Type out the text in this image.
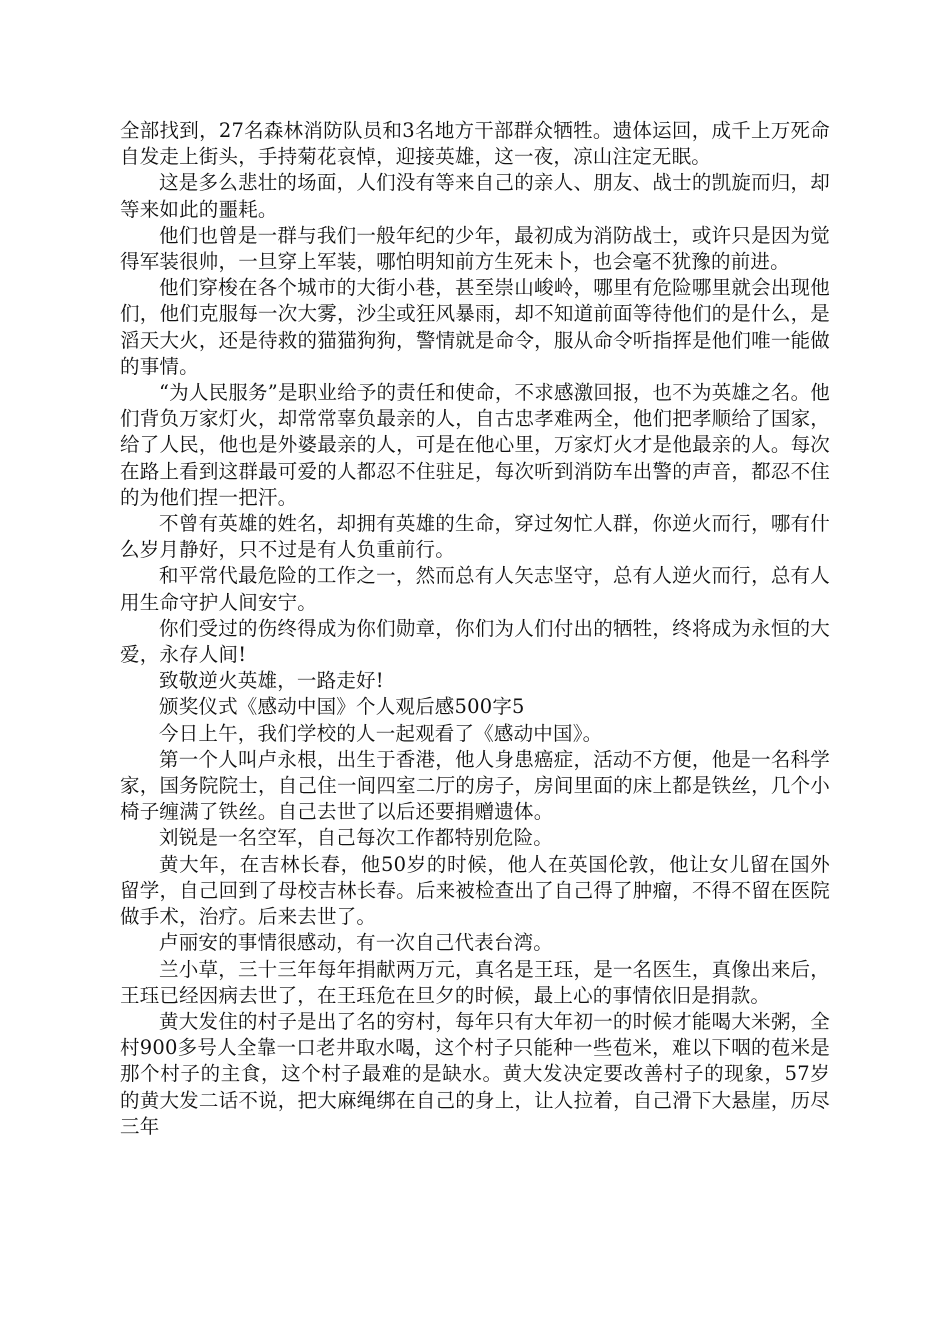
全部找到，27名森林消防队员和3名地方干部群众牺牲。遗体运回，成千上万死命自发走上街头，手持菊花哀悼，迎接英雄，这一夜，凉山注定无眠。

这是多么悲壮的场面，人们没有等来自己的亲人、朋友、战士的凯旋而归，却等来如此的噩耗。

他们也曾是一群与我们一般年纪的少年，最初成为消防战士，或许只是因为觉得军装很帅，一旦穿上军装，哪怕明知前方生死未卜，也会毫不犹豫的前进。

他们穿梭在各个城市的大街小巷，甚至崇山峻岭，哪里有危险哪里就会出现他们，他们克服每一次大雾，沙尘或狂风暴雨，却不知道前面等待他们的是什么，是滔天大火，还是待救的猫猫狗狗，警情就是命令，服从命令听指挥是他们唯一能做的事情。

“为人民服务”是职业给予的责任和使命，不求感激回报，也不为英雄之名。他们背负万家灯火，却常常辜负最亲的人，自古忠孝难两全，他们把孝顺给了国家，给了人民，他也是外婆最亲的人，可是在他心里，万家灯火才是他最亲的人。每次在路上看到这群最可爱的人都忍不住驻足，每次听到消防车出警的声音，都忍不住的为他们捏一把汗。

不曾有英雄的姓名，却拥有英雄的生命，穿过匆忙人群，你逆火而行，哪有什么岁月静好，只不过是有人负重前行。

和平常代最危险的工作之一，然而总有人矢志坚守，总有人逆火而行，总有人用生命守护人间安宁。

你们受过的伤终得成为你们勋章，你们为人们付出的牺牲，终将成为永恒的大爱，永存人间!

致敬逆火英雄，一路走好!

颁奖仪式《感动中国》个人观后感500字5

今日上午，我们学校的人一起观看了《感动中国》。

第一个人叫卢永根，出生于香港，他人身患癌症，活动不方便，他是一名科学家，国务院院士，自己住一间四室二厅的房子，房间里面的床上都是铁丝，几个小椅子缠满了铁丝。自己去世了以后还要捐赠遗体。

刘锐是一名空军，自己每次工作都特别危险。

黄大年，在吉林长春，他50岁的时候，他人在英国伦敦，他让女儿留在国外留学，自己回到了母校吉林长春。后来被检查出了自己得了肿瘤，不得不留在医院做手术，治疗。后来去世了。

卢丽安的事情很感动，有一次自己代表台湾。

兰小草，三十三年每年捐献两万元，真名是王珏，是一名医生，真像出来后，王珏已经因病去世了，在王珏危在旦夕的时候，最上心的事情依旧是捐款。

黄大发住的村子是出了名的穷村，每年只有大年初一的时候才能喝大米粥，全村900多号人全靠一口老井取水喝，这个村子只能种一些苞米，难以下咽的苞米是那个村子的主食，这个村子最难的是缺水。黄大发决定要改善村子的现象，57岁的黄大发二话不说，把大麻绳绑在自己的身上，让人拉着，自己滑下大悬崖，历尽三年
